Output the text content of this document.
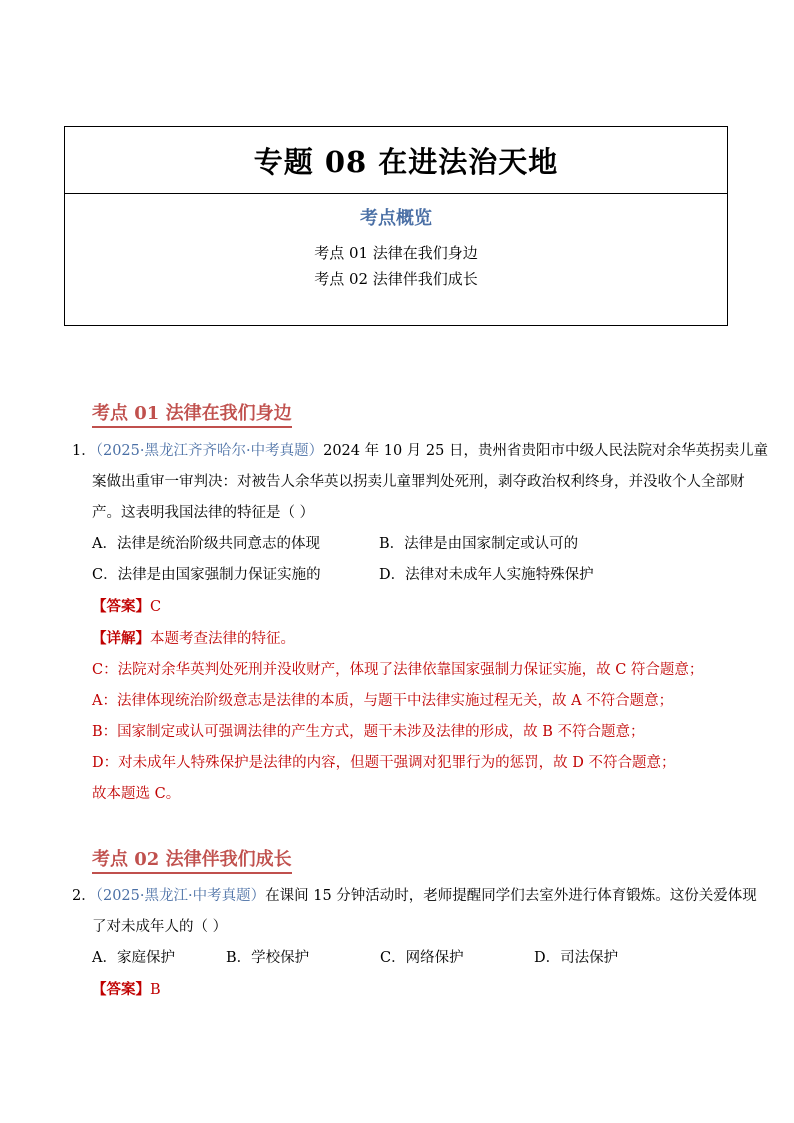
专题 08 在进法治天地
考点概览
考点 01 法律在我们身边
考点 02 法律伴我们成长
考点 01 法律在我们身边
1．（2025·黑龙江齐齐哈尔·中考真题）2024 年 10 月 25 日，贵州省贵阳市中级人民法院对余华英拐卖儿童
案做出重审一审判决：对被告人余华英以拐卖儿童罪判处死刑，剥夺政治权利终身，并没收个人全部财
产。这表明我国法律的特征是（ ）
A．法律是统治阶级共同意志的体现	B．法律是由国家制定或认可的
C．法律是由国家强制力保证实施的	D．法律对未成年人实施特殊保护
【答案】C
【详解】本题考查法律的特征。
C：法院对余华英判处死刑并没收财产，体现了法律依靠国家强制力保证实施，故 C 符合题意；
A：法律体现统治阶级意志是法律的本质，与题干中法律实施过程无关，故 A 不符合题意；
B：国家制定或认可强调法律的产生方式，题干未涉及法律的形成，故 B 不符合题意；
D：对未成年人特殊保护是法律的内容，但题干强调对犯罪行为的惩罚，故 D 不符合题意；
故本题选 C。
考点 02 法律伴我们成长
2．（2025·黑龙江·中考真题）在课间 15 分钟活动时，老师提醒同学们去室外进行体育锻炼。这份关爱体现
了对未成年人的（ ）
A．家庭保护	B．学校保护	C．网络保护	D．司法保护
【答案】B
